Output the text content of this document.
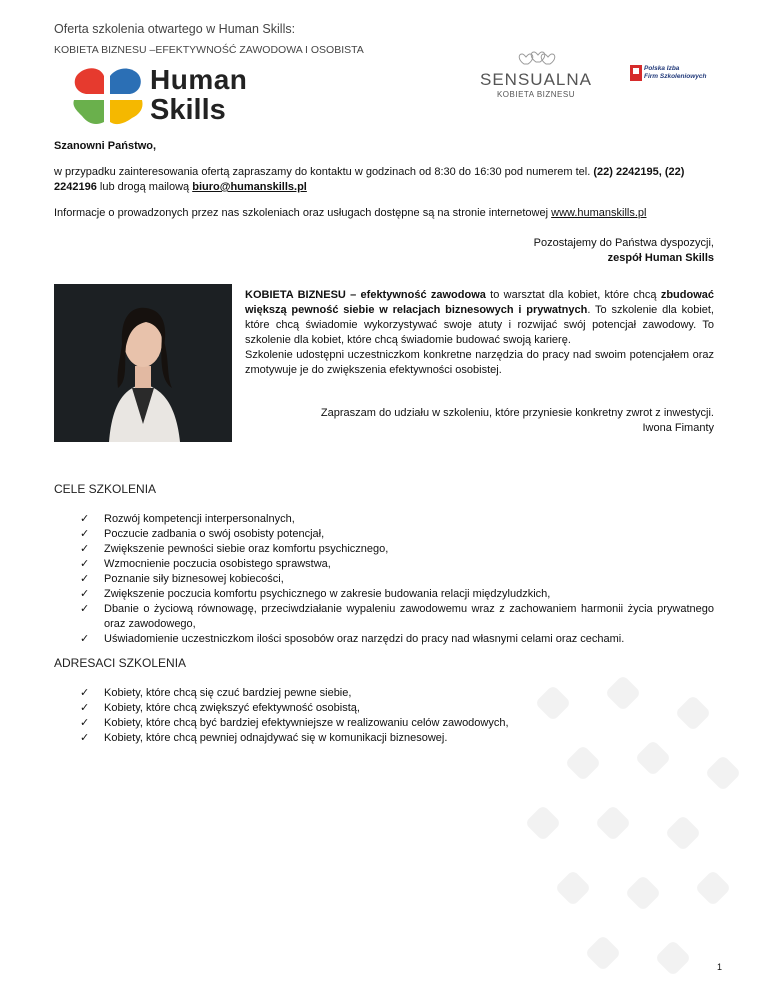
Oferta szkolenia otwartego w Human Skills:
KOBIETA BIZNESU –EFEKTYWNOŚĆ ZAWODOWA I OSOBISTA
Human
Skills
SENSUALNA
KOBIETA BIZNESU
Polska Izba
Firm Szkoleniowych
Szanowni Państwo,
w przypadku zainteresowania ofertą zapraszamy do kontaktu w godzinach od 8:30 do 16:30 pod numerem tel. (22) 2242195, (22) 2242196 lub drogą mailową biuro@humanskills.pl
Informacje o prowadzonych przez nas szkoleniach oraz usługach dostępne są na stronie internetowej www.humanskills.pl
Pozostajemy do Państwa dyspozycji,
zespół Human Skills
KOBIETA BIZNESU – efektywność zawodowa to warsztat dla kobiet, które chcą zbudować większą pewność siebie w relacjach biznesowych i prywatnych. To szkolenie dla kobiet, które chcą świadomie wykorzystywać swoje atuty i rozwijać swój potencjał zawodowy. To szkolenie dla kobiet, które chcą świadomie budować swoją karierę.
Szkolenie udostępni uczestniczkom konkretne narzędzia do pracy nad swoim potencjałem oraz zmotywuje je do zwiększenia efektywności osobistej.
Zapraszam do udziału w szkoleniu, które przyniesie konkretny zwrot z inwestycji.
Iwona Fimanty
CELE SZKOLENIA
✓ Rozwój kompetencji interpersonalnych,
✓ Poczucie zadbania o swój osobisty potencjał,
✓ Zwiększenie pewności siebie oraz komfortu psychicznego,
✓ Wzmocnienie poczucia osobistego sprawstwa,
✓ Poznanie siły biznesowej kobiecości,
✓ Zwiększenie poczucia komfortu psychicznego w zakresie budowania relacji międzyludzkich,
✓ Dbanie o życiową równowagę, przeciwdziałanie wypaleniu zawodowemu wraz z zachowaniem harmonii życia prywatnego oraz zawodowego,
✓ Uświadomienie uczestniczkom ilości sposobów oraz narzędzi do pracy nad własnymi celami oraz cechami.
ADRESACI SZKOLENIA
✓ Kobiety, które chcą się czuć bardziej pewne siebie,
✓ Kobiety, które chcą zwiększyć efektywność osobistą,
✓ Kobiety, które chcą być bardziej efektywniejsze w realizowaniu celów zawodowych,
✓ Kobiety, które chcą pewniej odnajdywać się w komunikacji biznesowej.
1
